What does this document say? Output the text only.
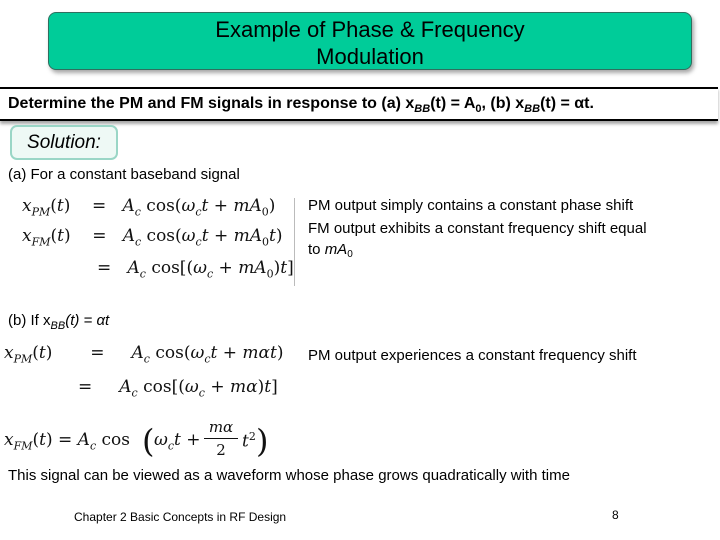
Example of Phase & Frequency
Modulation
Determine the PM and FM signals in response to (a) $x_{BB}(t) = A_0$, (b) $x_{BB}(t) = \alpha t$.
Solution:
(a) For a constant baseband signal
$x_{PM}(t)$    =   $A_c$ $\cos(\omega_ct + mA_0)$
$x_{FM}(t)$    =   $A_c$ $\cos(\omega_ct + mA_0t)$
=   $A_c$ $\cos[(\omega_c + mA_0)t]$
PM output simply contains a constant phase shift
FM output exhibits a constant frequency shift equal
to $mA_0$
(b) If $x_{BB}(t) = \alpha t$
$x_{PM}(t)$       =     $A_c$ $\cos(\omega_ct + m\alpha t)$
=     $A_c$ $\cos[(\omega_c + m\alpha)t]$
$x_{FM}(t) = A_c$ cos ( $\omega_ct$ +
mα

2 $t^2$ )
PM output experiences a constant frequency shift
This signal can be viewed as a waveform whose phase grows quadratically with time
Chapter 2 Basic Concepts in RF Design	8
